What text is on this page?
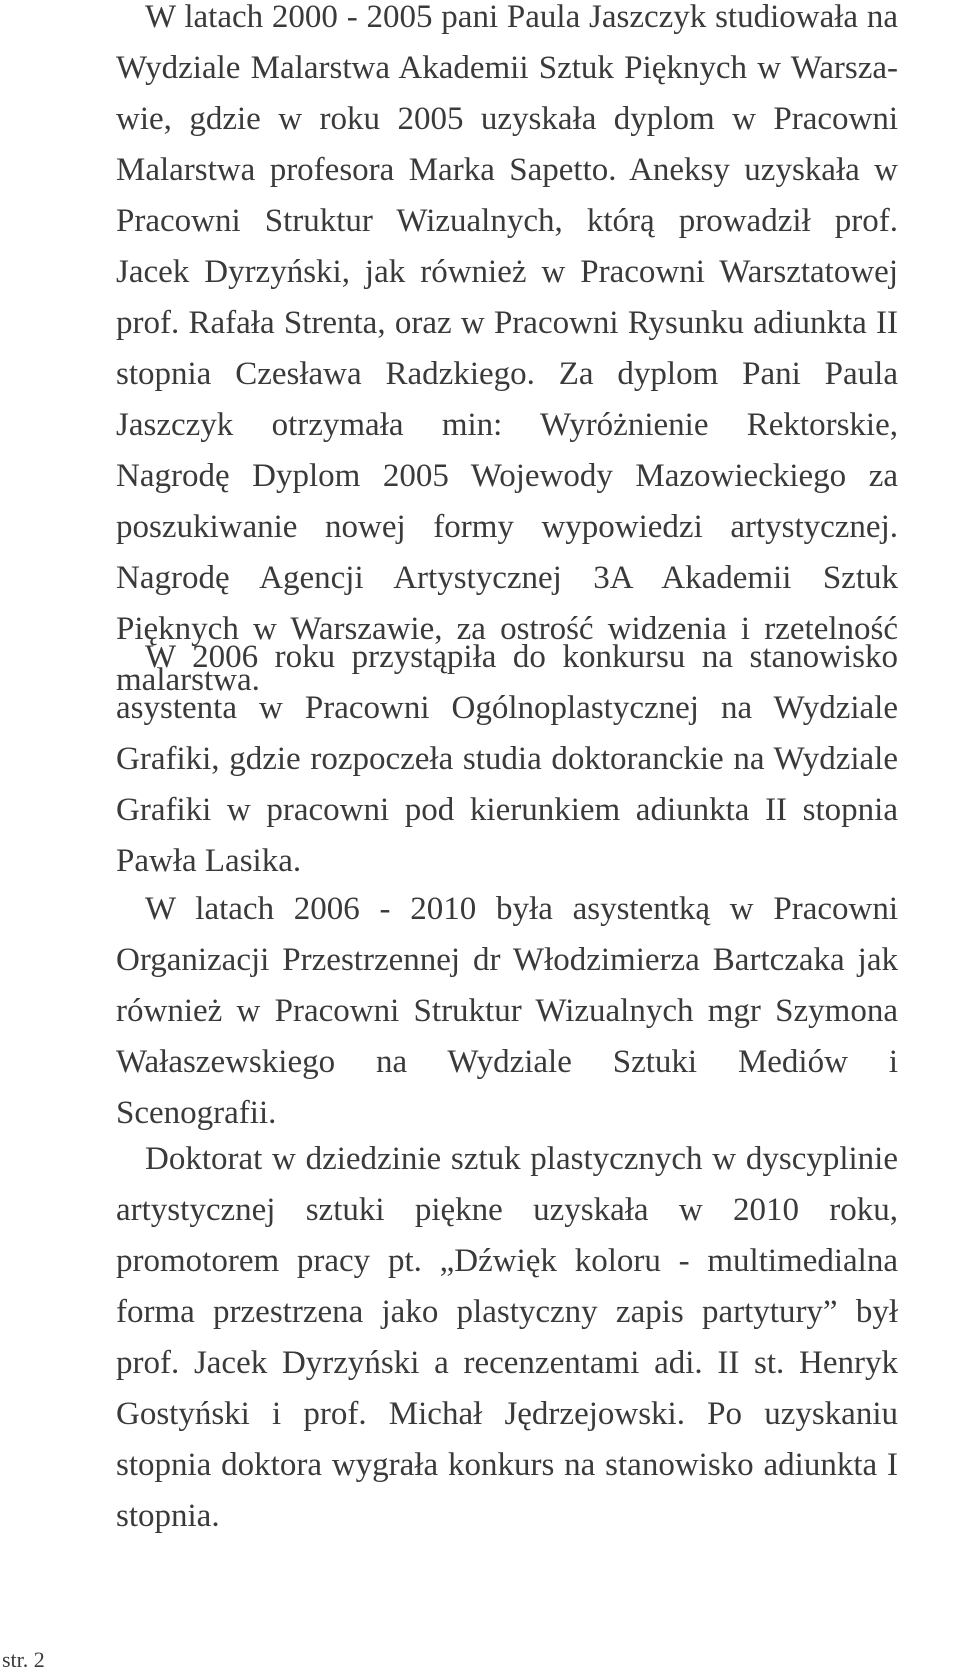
W latach 2000 - 2005 pani Paula Jaszczyk studiowała na Wydziale Malarstwa Akademii Sztuk Pięknych w Warszawie, gdzie w roku 2005 uzyskała dyplom w Pracowni Malarstwa profesora Marka Sapetto. Aneksy uzyskała w Pracowni Struktur Wizualnych, którą prowadził prof. Jacek Dyrzyński, jak również w Pracowni Warsztatowej prof. Rafała Strenta, oraz w Pracowni Rysunku adiunkta II stopnia Czesława Radzkiego. Za dyplom Pani Paula Jaszczyk otrzymała min: Wyróżnienie Rektorskie, Nagrodę Dyplom 2005 Wojewody Mazowieckiego za poszukiwanie nowej formy wypowiedzi artystycznej. Nagrodę Agencji Artystycznej 3A Akademii Sztuk Pięknych w Warszawie, za ostrość widzenia i rzetelność malarstwa.

W 2006 roku przystąpiła do konkursu na stanowisko asystenta w Pracowni Ogólnoplastycznej na Wydziale Grafiki, gdzie rozpoczeła studia doktoranckie na Wydziale Grafiki w pracowni pod kierunkiem adiunkta II stopnia Pawła Lasika.

W latach 2006 - 2010 była asystentką w Pracowni Organizacji Przestrzennej dr Włodzimierza Bartczaka jak również w Pracowni Struktur Wizualnych mgr Szymona Wałaszewskiego na Wydziale Sztuki Mediów i Scenografii.

Doktorat w dziedzinie sztuk plastycznych w dyscyplinie artystycznej sztuki piękne uzyskała w 2010 roku, promotorem pracy pt. „Dźwięk koloru - multimedialna forma przestrzena jako plastyczny zapis partytury” był prof. Jacek Dyrzyński a recenzentami adi. II st. Henryk Gostyński i prof. Michał Jędrzejowski. Po uzyskaniu stopnia doktora wygrała konkurs na stanowisko adiunkta I stopnia.

str. 2
